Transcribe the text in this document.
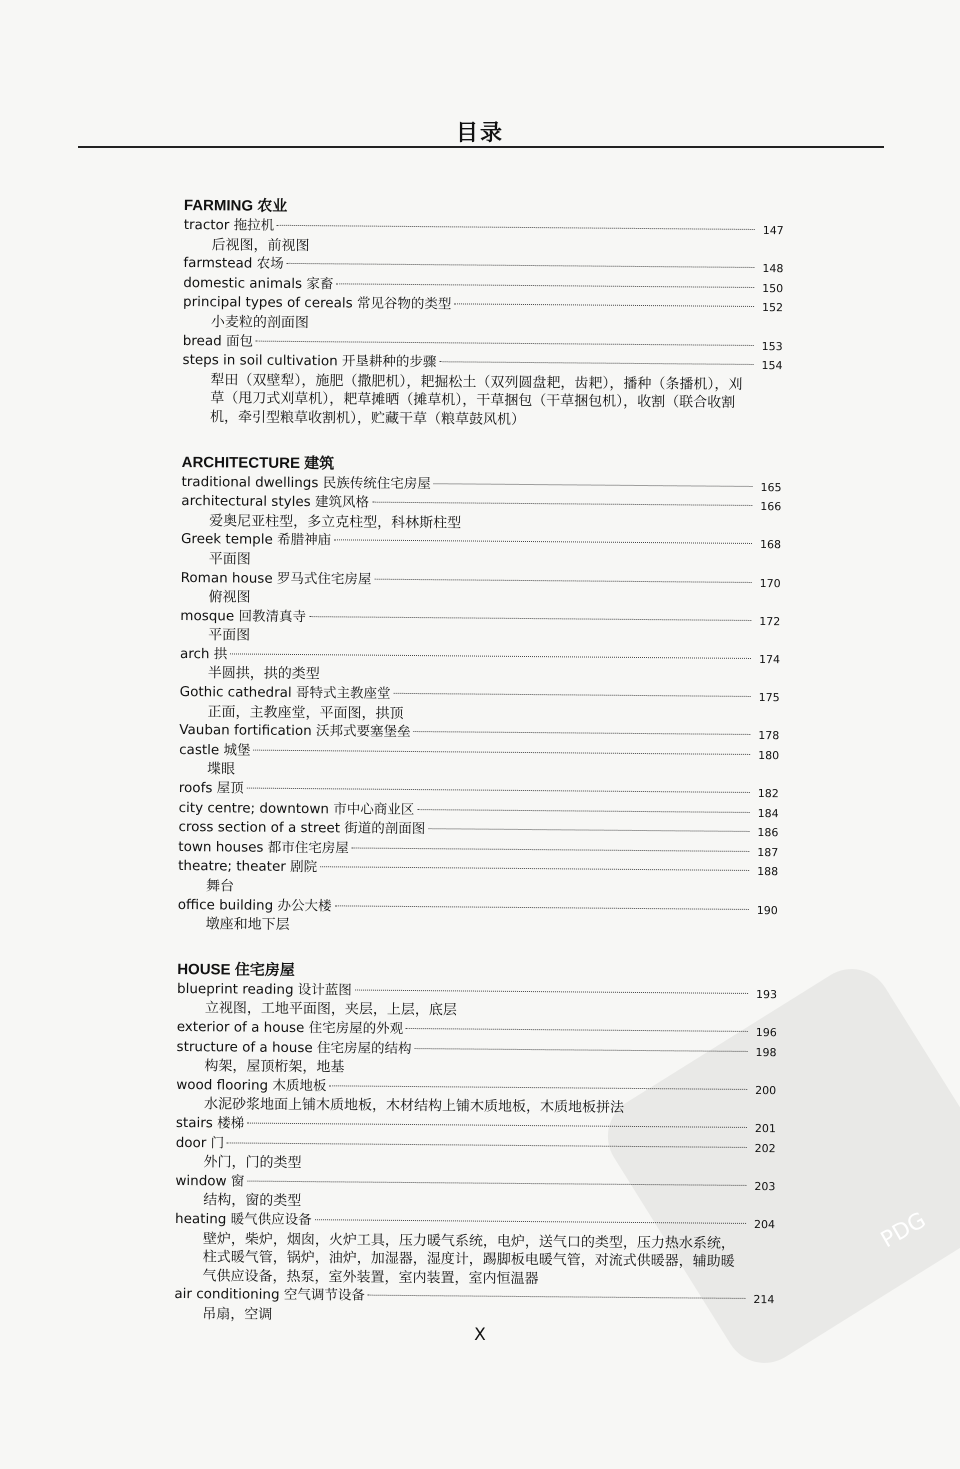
PDG
目录
FARMING 农业
tractor 拖拉机	147
后视图，前视图
farmstead 农场	148
domestic animals 家畜	150
principal types of cereals 常见谷物的类型	152
小麦粒的剖面图
bread 面包	153
steps in soil cultivation 开垦耕种的步骤	154
犁田（双壁犁），施肥（撒肥机），耙掘松土（双列圆盘耙，齿耙），播种（条播机），刈草（甩刀式刈草机），耙草摊晒（摊草机），干草捆包（干草捆包机），收割（联合收割机，牵引型粮草收割机），贮藏干草（粮草鼓风机）
ARCHITECTURE 建筑
traditional dwellings 民族传统住宅房屋	165
architectural styles 建筑风格	166
爱奥尼亚柱型，多立克柱型，科林斯柱型
Greek temple 希腊神庙	168
平面图
Roman house 罗马式住宅房屋	170
俯视图
mosque 回教清真寺	172
平面图
arch 拱	174
半圆拱，拱的类型
Gothic cathedral 哥特式主教座堂	175
正面，主教座堂，平面图，拱顶
Vauban fortification 沃邦式要塞堡垒	178
castle 城堡	180
堞眼
roofs 屋顶	182
city centre; downtown 市中心商业区	184
cross section of a street 街道的剖面图	186
town houses 都市住宅房屋	187
theatre; theater 剧院	188
舞台
office building 办公大楼	190
墩座和地下层
HOUSE 住宅房屋
blueprint reading 设计蓝图	193
立视图，工地平面图，夹层，上层，底层
exterior of a house 住宅房屋的外观	196
structure of a house 住宅房屋的结构	198
构架，屋顶桁架，地基
wood flooring 木质地板	200
水泥砂浆地面上铺木质地板，木材结构上铺木质地板，木质地板拼法
stairs 楼梯	201
door 门	202
外门，门的类型
window 窗	203
结构，窗的类型
heating 暖气供应设备	204
壁炉，柴炉，烟囱，火炉工具，压力暖气系统，电炉，送气口的类型，压力热水系统，柱式暖气管，锅炉，油炉，加湿器，湿度计，踢脚板电暖气管，对流式供暖器，辅助暖气供应设备，热泵，室外装置，室内装置，室内恒温器
air conditioning 空气调节设备	214
吊扇，空调
X
